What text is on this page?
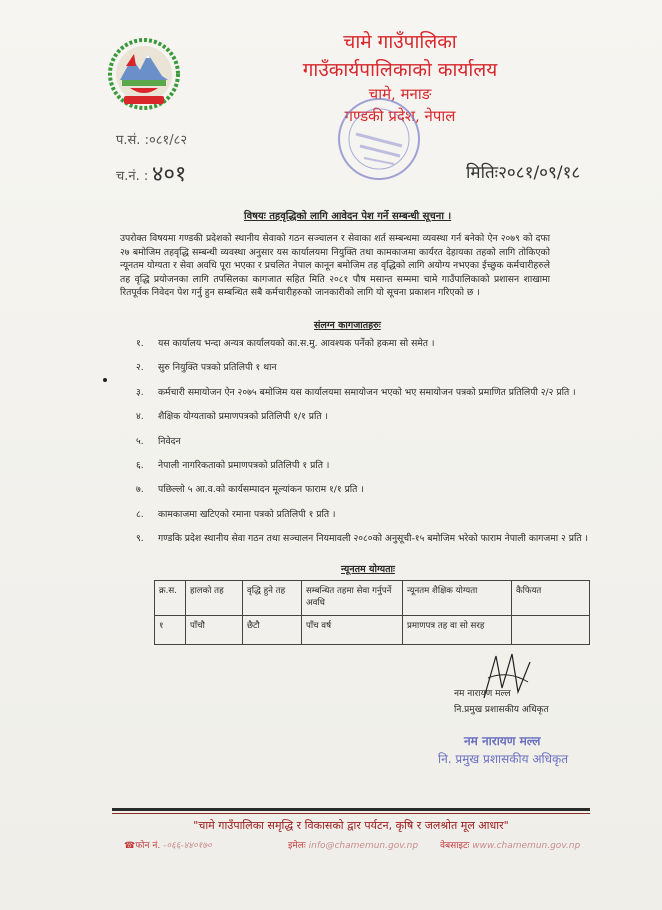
चामे गाउँपालिका
गाउँकार्यपालिकाको कार्यालय
चामे, मनाङ
गण्डकी प्रदेश, नेपाल
प.सं. :०८१/८२
च.नं. : ४०१	मितिः२०८१/०९/१८
विषयः तहवृद्धिको लागि आवेदन पेश गर्ने सम्बन्धी सूचना ।
उपरोक्त विषयमा गण्डकी प्रदेशको स्थानीय सेवाको गठन सञ्चालन र सेवाका शर्त सम्बन्धमा व्यवस्था गर्न बनेको ऐन २०७९ को दफा २७ बमोजिम तहवृद्धि सम्बन्धी व्यवस्था अनुसार यस कार्यालयमा नियुक्ति तथा कामकाजमा कार्यरत देहायका तहको लागि तोकिएको न्यूनतम योग्यता र सेवा अवधि पूरा भएका र प्रचलित नेपाल कानून बमोजिम तह वृद्धिको लागि अयोग्य नभएका ईच्छुक कर्मचारीहरुले तह वृद्धि प्रयोजनका लागि तपसिलका कागजात सहित मिति २०८१ पौष मसान्त सम्ममा चामे गाउँपालिकाको प्रशासन शाखामा रितपूर्वक निवेदन पेश गर्नु हुन सम्बन्धित सबै कर्मचारीहरुको जानकारीको लागि यो सूचना प्रकाशन गरिएको छ ।
संलग्न कागजातहरुः
१.	यस कार्यालय भन्दा अन्यत्र कार्यालयको का.स.मु. आवश्यक पर्नेको हकमा सो समेत ।
२.	सुरु नियुक्ति पत्रको प्रतिलिपी १ थान
३.	कर्मचारी समायोजन ऐन २०७५ बमोजिम यस कार्यालयमा समायोजन भएको भए समायोजन पत्रको प्रमाणित प्रतिलिपी २/२ प्रति ।
४.	शैक्षिक योग्यताको प्रमाणपत्रको प्रतिलिपी १/१ प्रति ।
५.	निवेदन
६.	नेपाली नागरिकताको प्रमाणपत्रको प्रतिलिपी १ प्रति ।
७.	पछिल्लो ५ आ.व.को कार्यसम्पादन मूल्यांकन फाराम १/१ प्रति ।
८.	कामकाजमा खटिएको रमाना पत्रको प्रतिलिपी १ प्रति ।
९.	गण्डकि प्रदेश स्थानीय सेवा गठन तथा सञ्चालन नियमावली २०८०को अनुसूची-१५ बमोजिम भरेको फाराम नेपाली कागजमा २ प्रति ।
न्यूनतम योग्यताः
क्र.स.	हालको तह	वृद्धि हुने तह	सम्बन्धित तहमा सेवा गर्नुपर्ने अवधि	न्यूनतम शैक्षिक योग्यता	कैफियत
१	पाँचौ	छैटौ	पाँच वर्ष	प्रमाणपत्र तह वा सो सरह	
नम नारायण मल्ल
नि.प्रमुख प्रशासकीय अधिकृत
नम नारायण मल्ल
नि. प्रमुख प्रशासकीय अधिकृत
"चामे गाउँपालिका समृद्धि र विकासको द्वार पर्यटन, कृषि र जलश्रोत मूल आधार"
☎फोन नं. -०६६-४४०१७०	इमेलः info@chamemun.gov.np वेबसाइटः www.chamemun.gov.np
